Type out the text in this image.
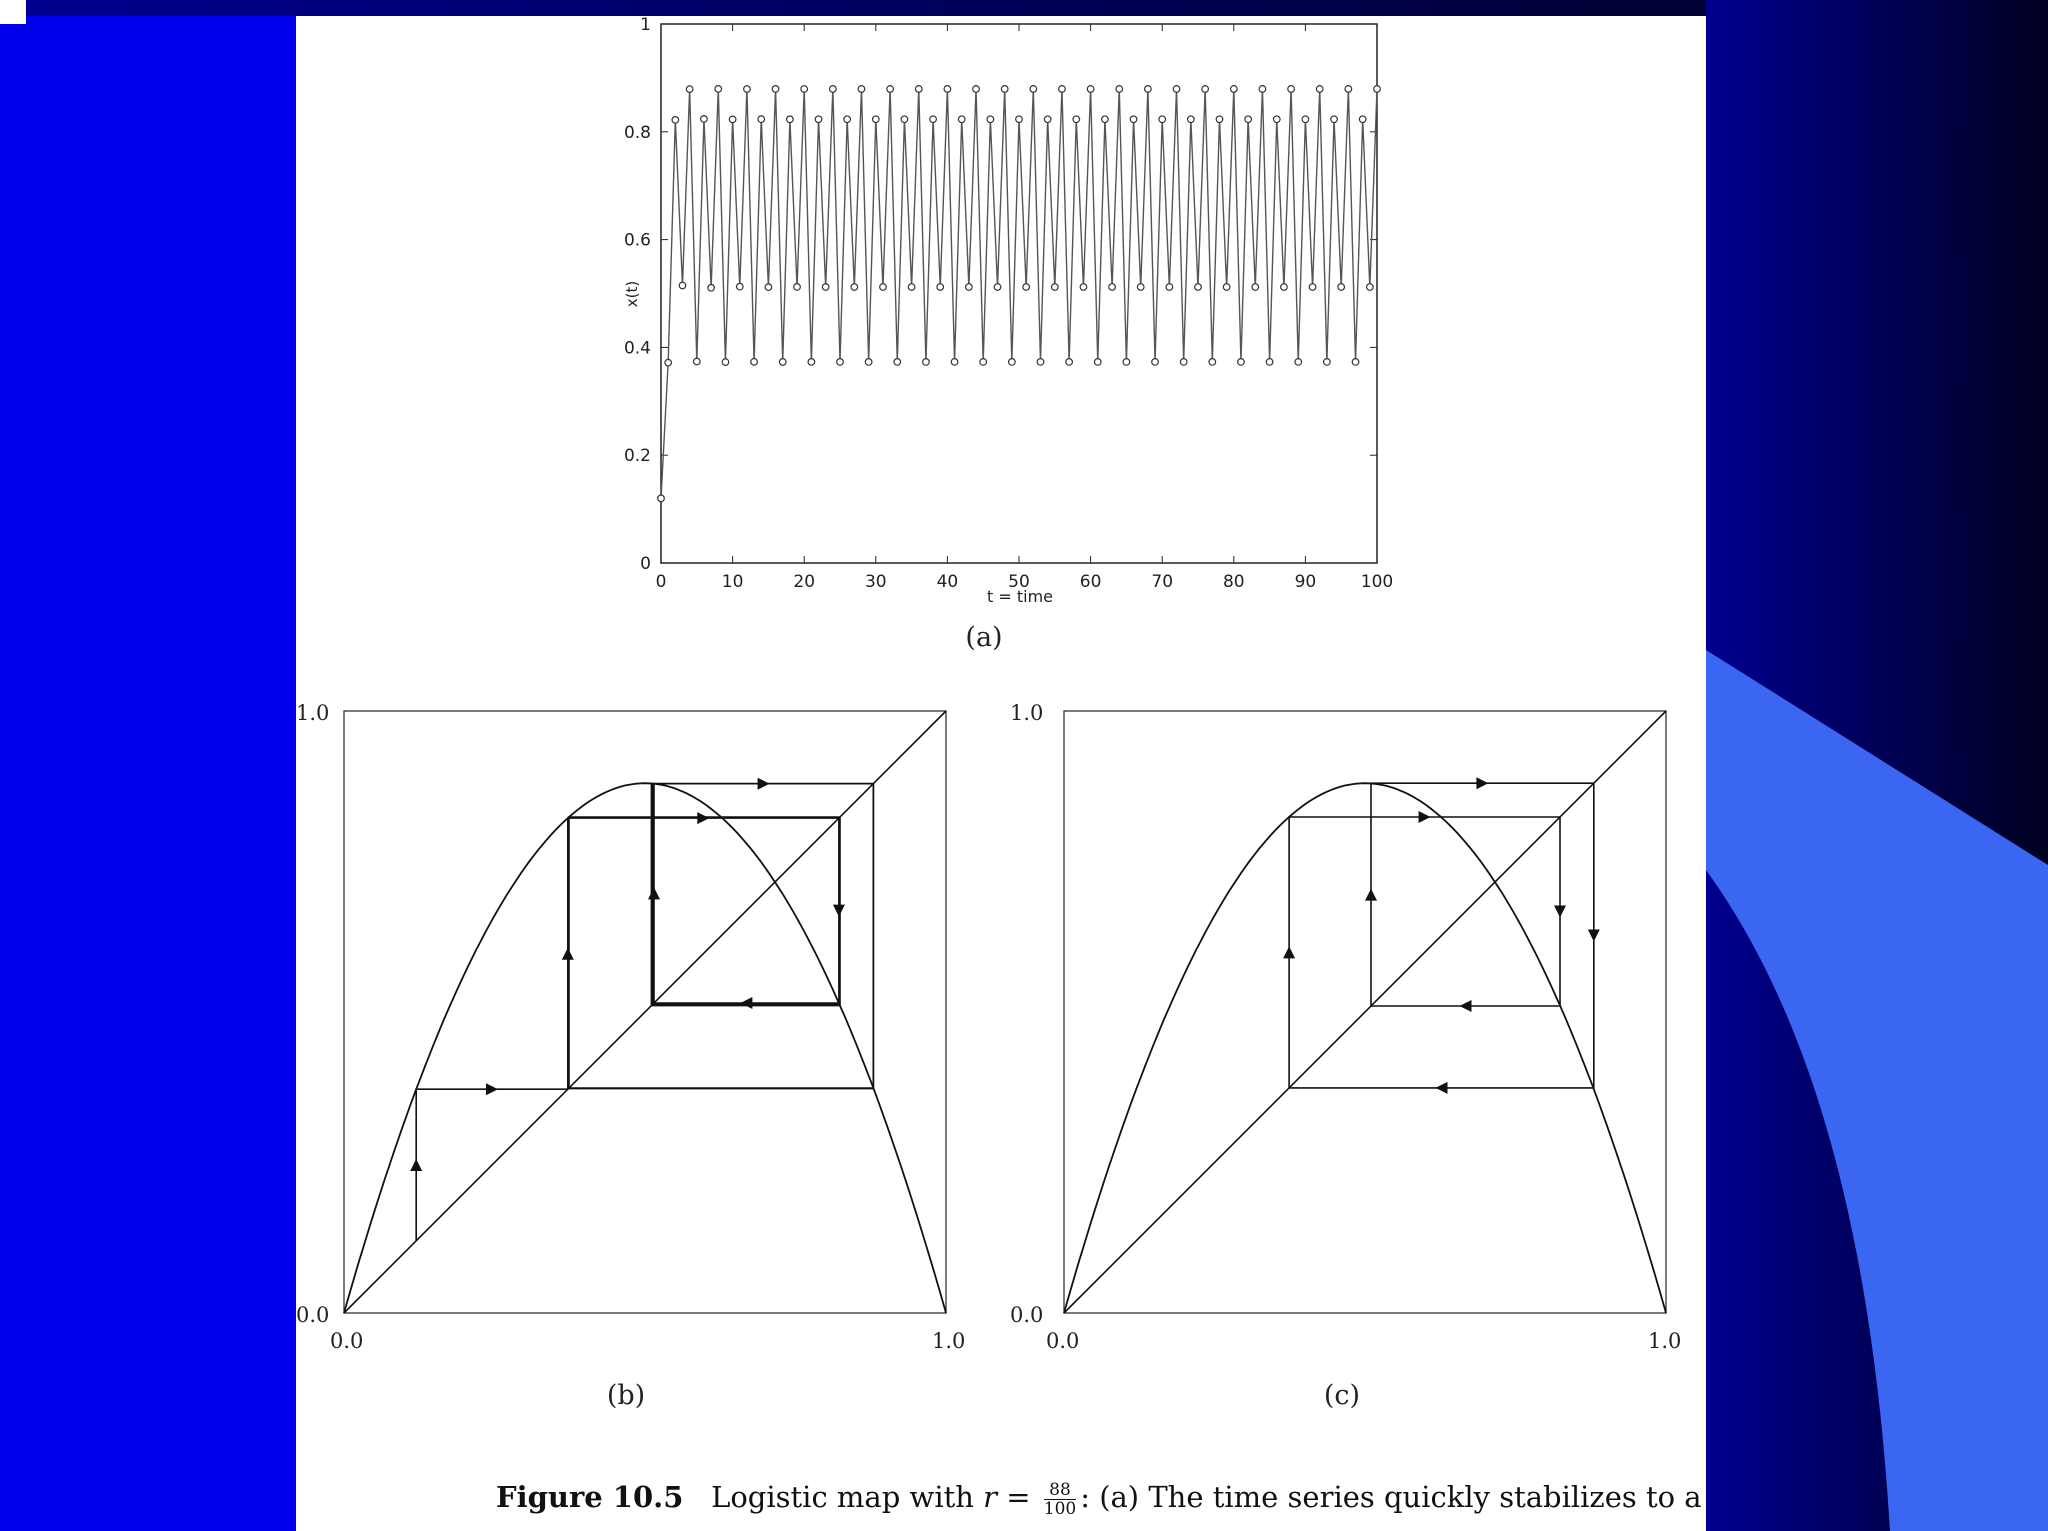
0	10	20	30	40	50	60	70	80	90	100
0
0.2
0.4
0.6
0.8
1
x(t)
t = time
(a)
1.0
0.0
0.0	1.0
(b)
1.0
0.0
0.0	1.0
(c)
Figure 10.5 Logistic map with $r = \frac{88}{100}$ : (a) The time series quickly stabilizes to a
